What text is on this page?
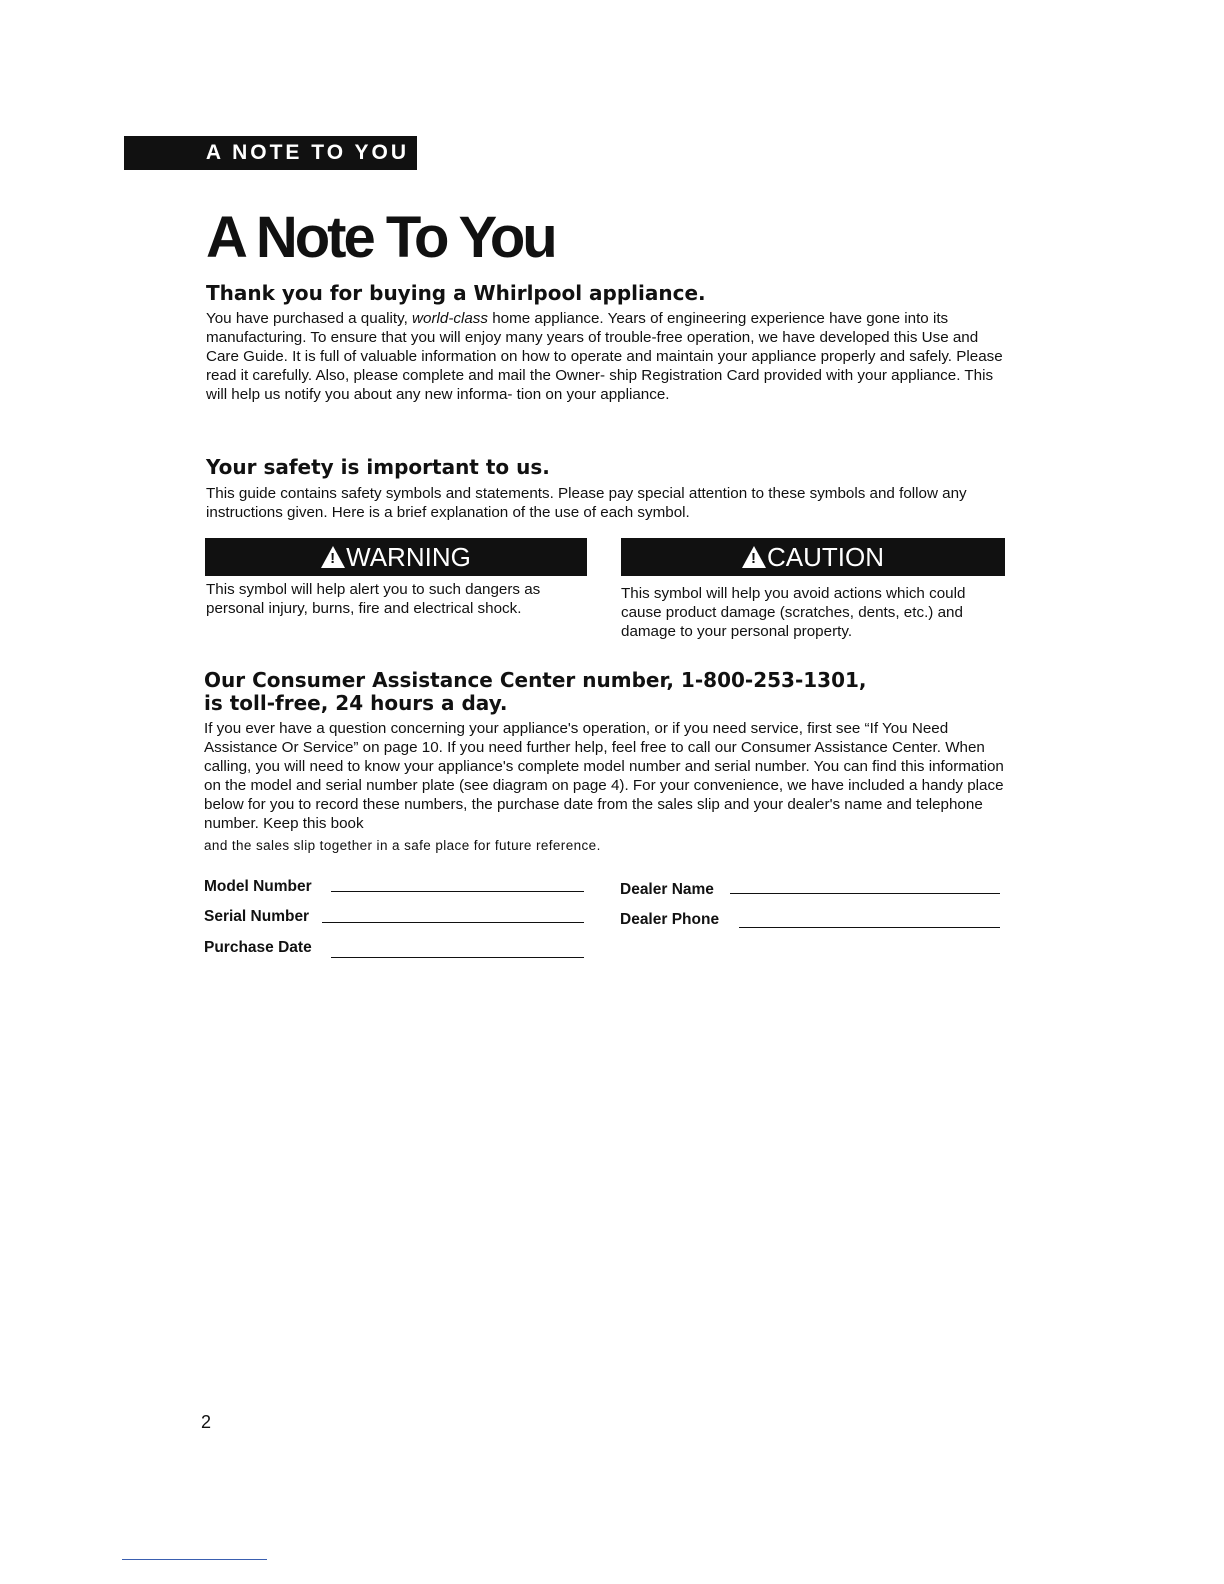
A NOTE TO YOU
A Note To You
Thank you for buying a Whirlpool appliance.

You have purchased a quality, world-class home appliance. Years of engineering experience have gone into its manufacturing. To ensure that you will enjoy many years of trouble-free operation, we have developed this Use and Care Guide. It is full of valuable information on how to operate and maintain your appliance properly and safely. Please read it carefully. Also, please complete and mail the Owner- ship Registration Card provided with your appliance. This will help us notify you about any new informa- tion on your appliance.

Your safety is important to us.

This guide contains safety symbols and statements. Please pay special attention to these symbols and follow any instructions given. Here is a brief explanation of the use of each symbol.

!WARNING

This symbol will help alert you to such dangers as personal injury, burns, fire and electrical shock.

!CAUTION

This symbol will help you avoid actions which could cause product damage (scratches, dents, etc.) and damage to your personal property.

Our Consumer Assistance Center number, 1-800-253-1301,
is toll-free, 24 hours a day.

If you ever have a question concerning your appliance's operation, or if you need service, first see “If You Need Assistance Or Service” on page 10. If you need further help, feel free to call our Consumer Assistance Center. When calling, you will need to know your appliance's complete model number and serial number. You can find this information on the model and serial number plate (see diagram on page 4). For your convenience, we have included a handy place below for you to record these numbers, the purchase date from the sales slip and your dealer's name and telephone number. Keep this book

and the sales slip together in a safe place for future reference.

Model Number
Serial Number
Purchase Date
Dealer Name
Dealer Phone
2
